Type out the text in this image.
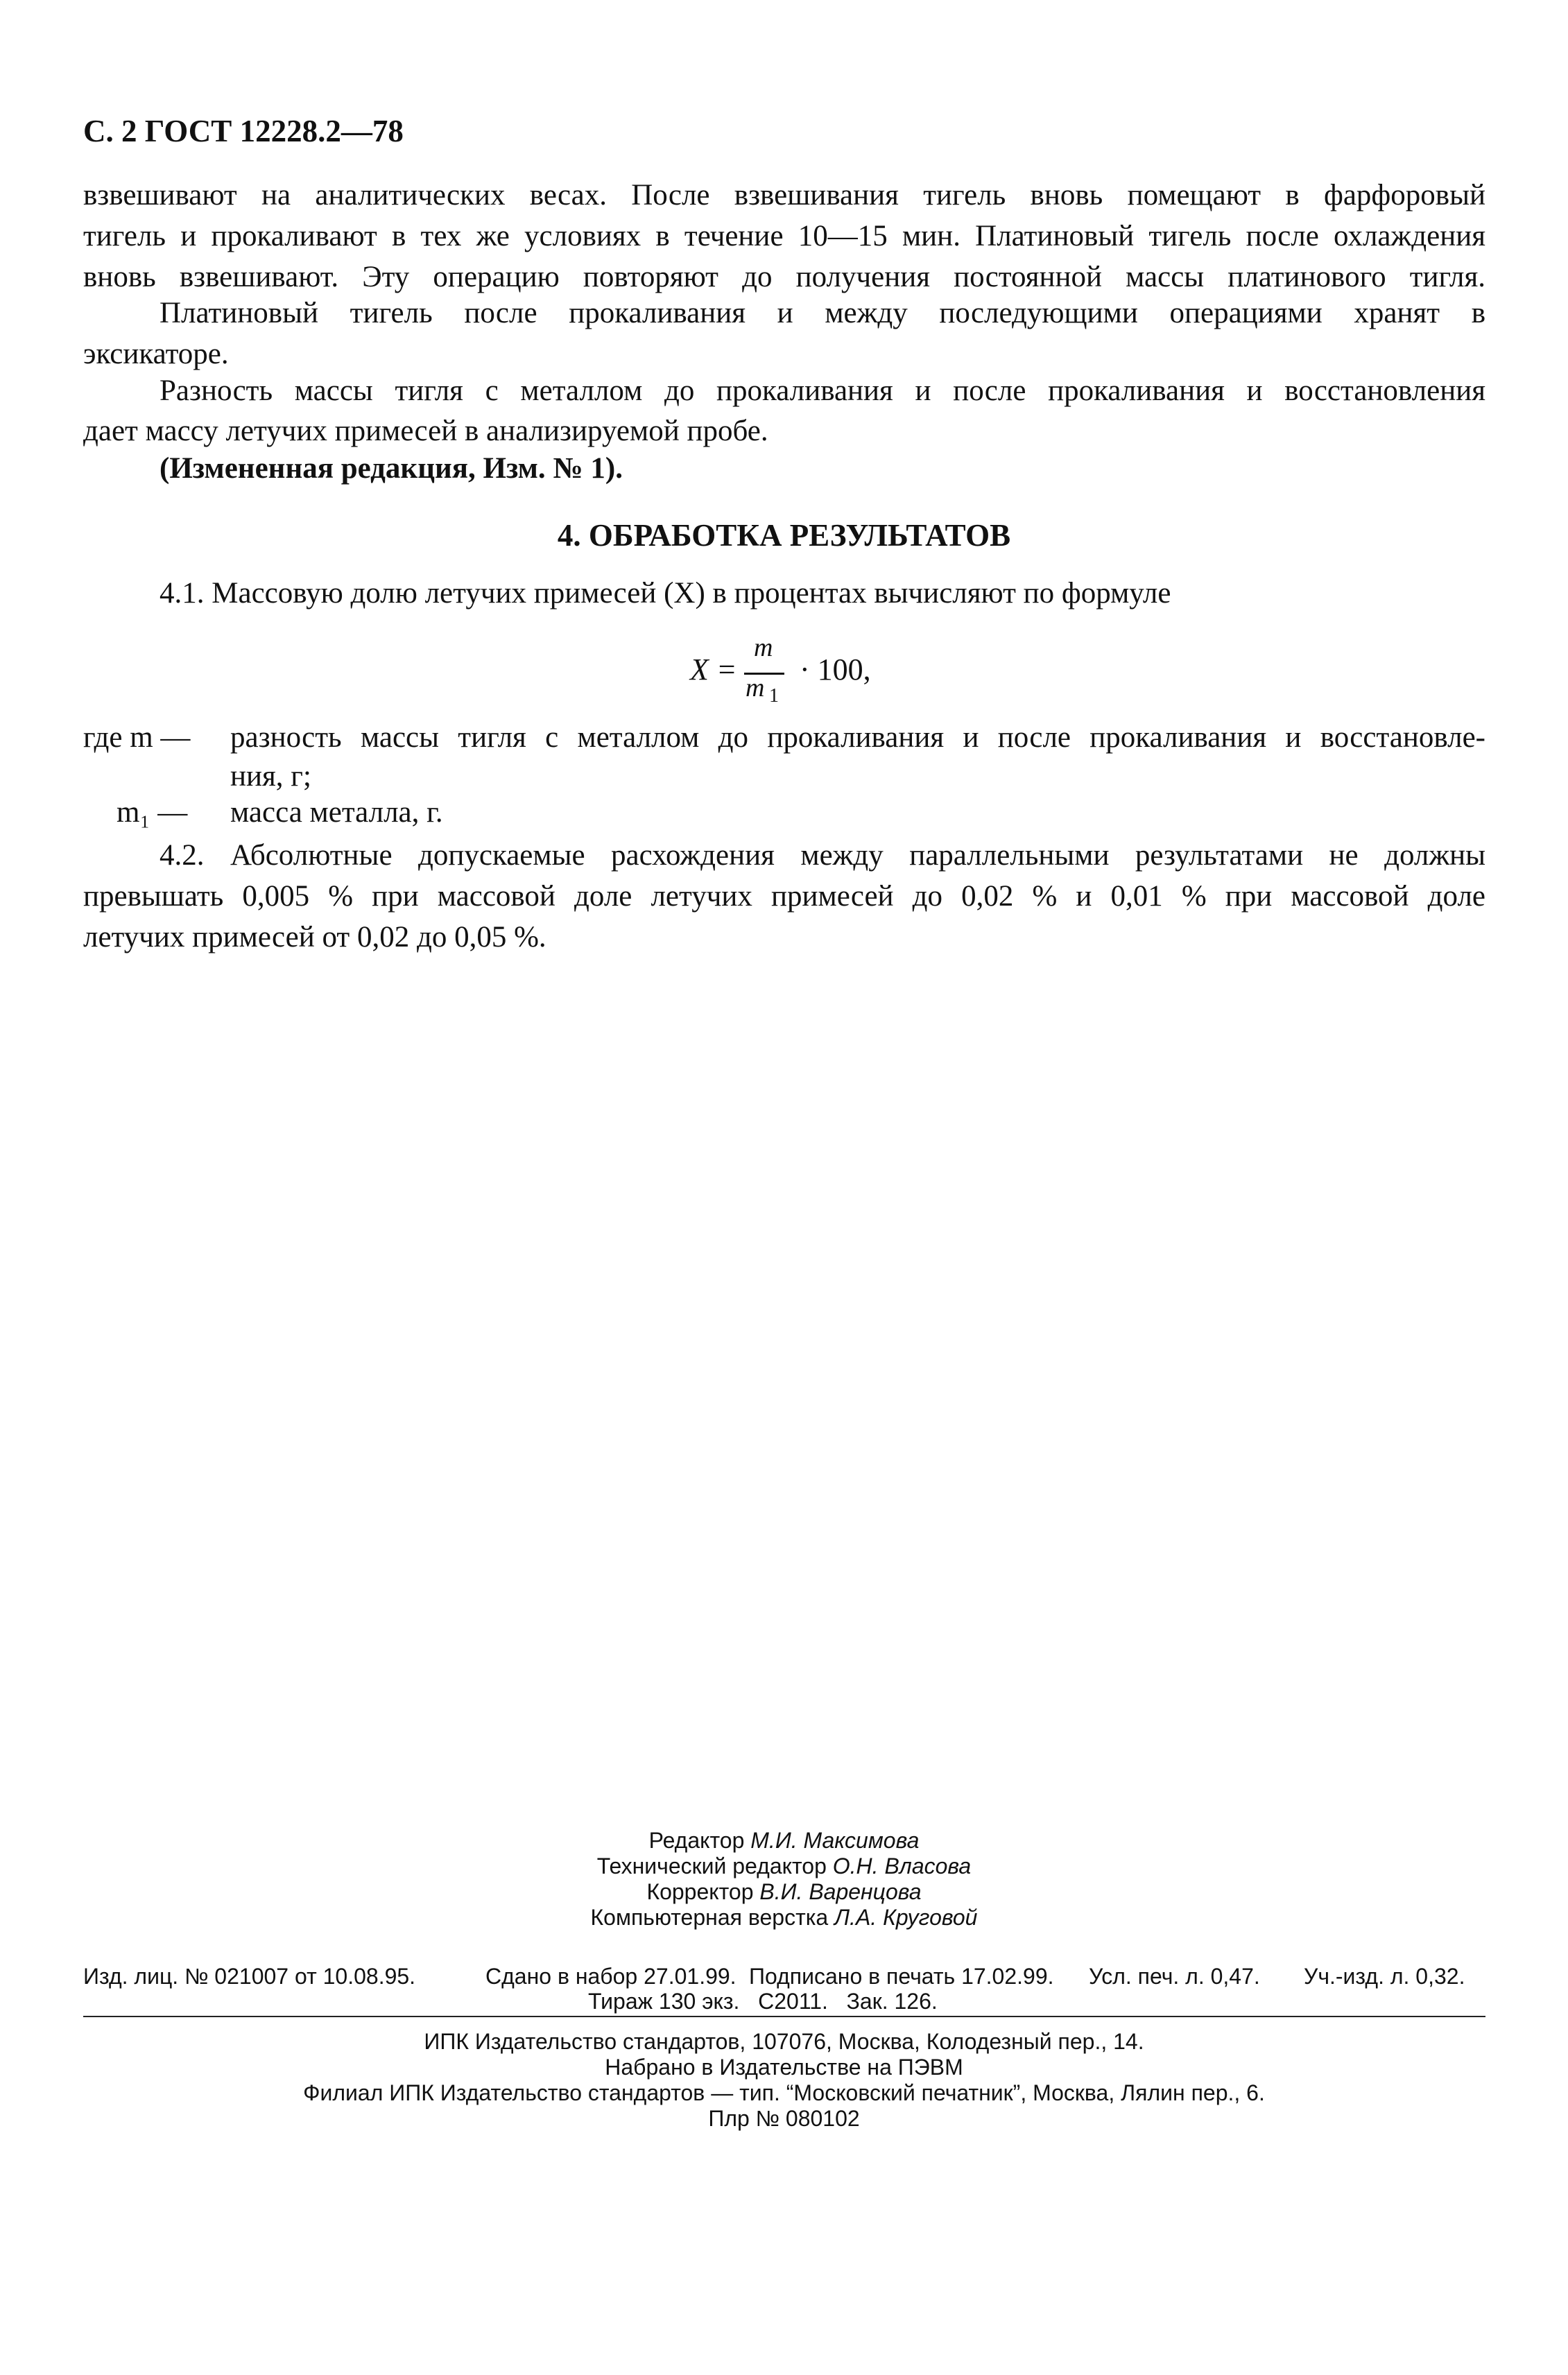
С. 2 ГОСТ 12228.2—78
взвешивают на аналитических весах. После взвешивания тигель вновь помещают в фарфоровый
тигель и прокаливают в тех же условиях в течение 10—15 мин. Платиновый тигель после охлаждения
вновь взвешивают. Эту операцию повторяют до получения постоянной массы платинового тигля.
Платиновый тигель после прокаливания и между последующими операциями хранят в
эксикаторе.
Разность массы тигля с металлом до прокаливания и после прокаливания и восстановления
дает массу летучих примесей в анализируемой пробе.
(Измененная редакция, Изм. № 1).
4. ОБРАБОТКА РЕЗУЛЬТАТОВ
4.1. Массовую долю летучих примесей (X) в процентах вычисляют по формуле
X =
m
m 1
· 100,
где m — разность массы тигля с металлом до прокаливания и после прокаливания и восстановле-
ния, г;
m₁ — масса металла, г.
4.2. Абсолютные допускаемые расхождения между параллельными результатами не должны
превышать 0,005 % при массовой доле летучих примесей до 0,02 % и 0,01 % при массовой доле
летучих примесей от 0,02 до 0,05 %.
Редактор М.И. Максимова
Технический редактор О.Н. Власова
Корректор В.И. Варенцова
Компьютерная верстка Л.А. Круговой
Изд. лиц. № 021007 от 10.08.95.	Сдано в набор 27.01.99. Подписано в печать 17.02.99. Усл. печ. л. 0,47. Уч.-изд. л. 0,32.
Тираж 130 экз.   С2011.   Зак. 126.
ИПК Издательство стандартов, 107076, Москва, Колодезный пер., 14.
Набрано в Издательстве на ПЭВМ
Филиал ИПК Издательство стандартов — тип. “Московский печатник”, Москва, Лялин пер., 6.
Плр № 080102
